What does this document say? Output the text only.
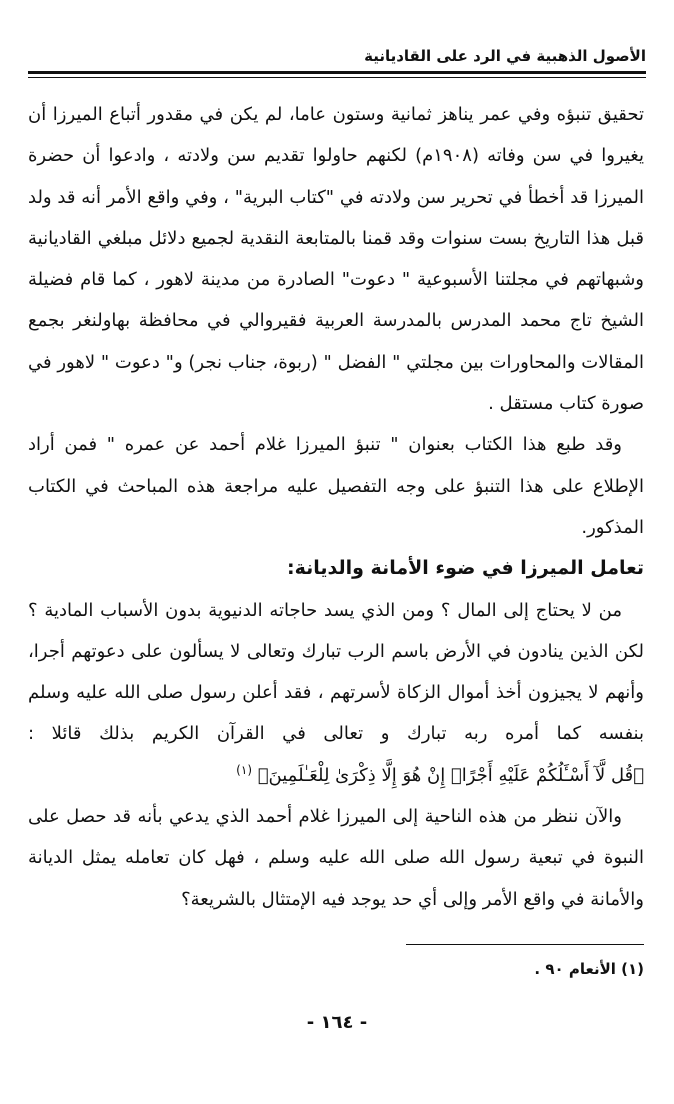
الأصول الذهبية في الرد على القاديانية

تحقيق تنبؤه وفي عمر يناهز ثمانية وستون عاما، لم يكن في مقدور أتباع الميرزا أن يغيروا في سن وفاته (١٩٠٨م) لكنهم حاولوا تقديم سن ولادته ، وادعوا أن حضرة الميرزا قد أخطأ في تحرير سن ولادته في "كتاب البرية" ، وفي واقع الأمر أنه قد ولد قبل هذا التاريخ بست سنوات وقد قمنا بالمتابعة النقدية لجميع دلائل مبلغي القاديانية وشبهاتهم في مجلتنا الأسبوعية " دعوت" الصادرة من مدينة لاهور ، كما قام فضيلة الشيخ تاج محمد المدرس بالمدرسة العربية فقيروالي في محافظة بهاولنغر بجمع المقالات والمحاورات بين مجلتي " الفضل " (ربوة، جناب نجر) و" دعوت " لاهور في صورة كتاب مستقل .

وقد طبع هذا الكتاب بعنوان " تنبؤ الميرزا غلام أحمد عن عمره " فمن أراد الإطلاع على هذا التنبؤ على وجه التفصيل عليه مراجعة هذه المباحث في الكتاب المذكور.

تعامل الميرزا في ضوء الأمانة والديانة:

من لا يحتاج إلى المال ؟ ومن الذي يسد حاجاته الدنيوية بدون الأسباب المادية ؟ لكن الذين ينادون في الأرض باسم الرب تبارك وتعالى لا يسألون على دعوتهم أجرا، وأنهم لا يجيزون أخذ أموال الزكاة لأسرتهم ، فقد أعلن رسول صلى الله عليه وسلم بنفسه كما أمره ربه تبارك و تعالى في القرآن الكريم بذلك قائلا : ﴿قُل لَّآ أَسْـَٔلُكُمْ عَلَيْهِ أَجْرًاۖ إِنْ هُوَ إِلَّا ذِكْرَىٰ لِلْعَـٰلَمِينَ﴾ $^{(١)}$

والآن ننظر من هذه الناحية إلى الميرزا غلام أحمد الذي يدعي بأنه قد حصل على النبوة في تبعية رسول الله صلى الله عليه وسلم ، فهل كان تعامله يمثل الديانة والأمانة في واقع الأمر وإلى أي حد يوجد فيه الإمتثال بالشريعة؟

(١) الأنعام ٩٠ .
- ١٦٤ -
